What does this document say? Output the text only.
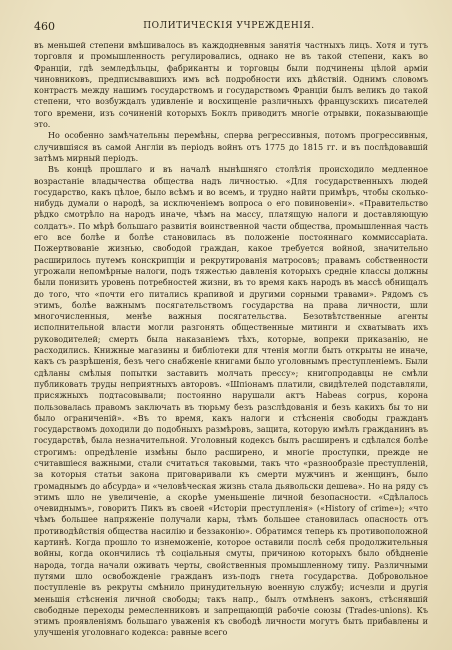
460	ПОЛИТИЧЕСКІЯ УЧРЕЖДЕНІЯ.

въ меньшей степени вмѣшивалось въ каждодневныя занятія частныхъ лицъ. Хотя и тутъ торговля и промышленность регулировались, однако не въ такой степени, какъ во Франціи, гдѣ земледѣльцы, фабриканты и торговцы были подчинены цѣлой арміи чиновниковъ, предписывавшихъ имъ всѣ подробности ихъ дѣйствій. Однимъ словомъ контрастъ между нашимъ государствомъ и государствомъ Франціи былъ великъ до такой степени, что возбуждалъ удивленіе и восхищеніе различныхъ французскихъ писателей того времени, изъ сочиненій которыхъ Боклъ приводитъ многіе отрывки, показывающіе это.

Но особенно замѣчательны перемѣны, сперва регрессивныя, потомъ прогрессивныя, случившіяся въ самой Англіи въ періодъ войнъ отъ 1775 до 1815 гг. и въ послѣдовавшій затѣмъ мирный періодъ.

Въ концѣ прошлаго и въ началѣ нынѣшняго столѣтія происходило медленное возрастаніе владычества общества надъ личностью. «Для государственныхъ людей государство, какъ цѣлое, было всѣмъ и во всемъ, и трудно найти примѣръ, чтобы сколько-нибудь думали о народѣ, за исключеніемъ вопроса о его повиновеніи». «Правительство рѣдко смотрѣло на народъ иначе, чѣмъ на массу, платящую налоги и доставляющую солдатъ». По мѣрѣ большаго развитія воинственной части общества, промышленная часть его все болѣе и болѣе становилась въ положеніе постояннаго коммиссаріата. Пожертвованіе жизнью, свободой граждан, какое требуется войной, значительно расширилось путемъ конскрипціи и рекрутированія матросовъ; правамъ собственности угрожали непомѣрные налоги, подъ тяжестью давленія которыхъ средніе классы должны были понизить уровень потребностей жизни, въ то время какъ народъ въ массѣ обнищалъ до того, что «почти его питались крапивой и другими сорными травами». Рядомъ съ этимъ, болѣе важнымъ посягательствомъ государства на права личности, шли многочисленныя, менѣе важныя посягательства. Безотвѣтственные агенты исполнительной власти могли разгонять общественные митинги и схватывать ихъ руководителей; смерть была наказаніемъ тѣхъ, которые, вопреки приказанію, не расходились. Книжные магазины и библіотеки для чтенія могли быть открыты не иначе, какъ съ разрѣшенія, безъ чего снабженіе книгами было уголовнымъ преступленіемъ. Были сдѣланы смѣлыя попытки заставить молчать прессу»; книгопродавцы не смѣли публиковать труды неприятныхъ авторовъ. «Шпіонамъ платили, свидѣтелей подставляли, присяжныхъ подтасовывали; постоянно нарушали актъ Habeas corpus, корона пользовалась правомъ заключать въ тюрьму безъ разслѣдованія и безъ какихъ бы то ни было ограниченій». «Въ то время, какъ налоги и стѣсненія свободы гражданъ государствомъ доходили до подобныхъ размѣровъ, защита, которую имѣлъ гражданинъ въ государствѣ, была незначительной. Уголовный кодексъ былъ расширенъ и сдѣлался болѣе строгимъ: опредѣленіе измѣны было расширено, и многіе проступки, прежде не считавшіеся важными, стали считаться таковыми, такъ что «разнообразіе преступленій, за которыя статьи закона приговаривали къ смерти мужчинъ и женщинъ, было громаднымъ до абсурда» и «человѣческая жизнь стала дьявольски дешева». Но на ряду съ этимъ шло не увеличеніе, а скорѣе уменьшеніе личной безопасности. «Сдѣлалось очевиднымъ», говоритъ Пикъ въ своей «Исторіи преступленія» («History of crime»); «что чѣмъ большее напряженіе получали кары, тѣмъ большее становилась опасность отъ противодѣйствія общества насилію и беззаконію». Обратимся теперь къ противоположной картинѣ. Когда прошло то изнеможеніе, которое оставили послѣ себя продолжительныя войны, когда окончились тѣ соціальныя смуты, причиною которыхъ было обѣдненіе народа, тогда начали оживать черты, свойственныя промышленному типу. Различными путями шло освобожденіе гражданъ изъ-подъ гнета государства. Добровольное поступленіе въ рекруты смѣнило принудительную военную службу; исчезли и другія меньшія стѣсненія личной свободы; такъ напр., былъ отмѣненъ законъ, стѣснявшій свободные переходы ремесленниковъ и запрещающій рабочіе союзы (Trades-unions). Къ этимъ проявленіямъ большаго уваженія къ свободѣ личности могутъ быть прибавлены и улучшенія уголовнаго кодекса: равные всего
